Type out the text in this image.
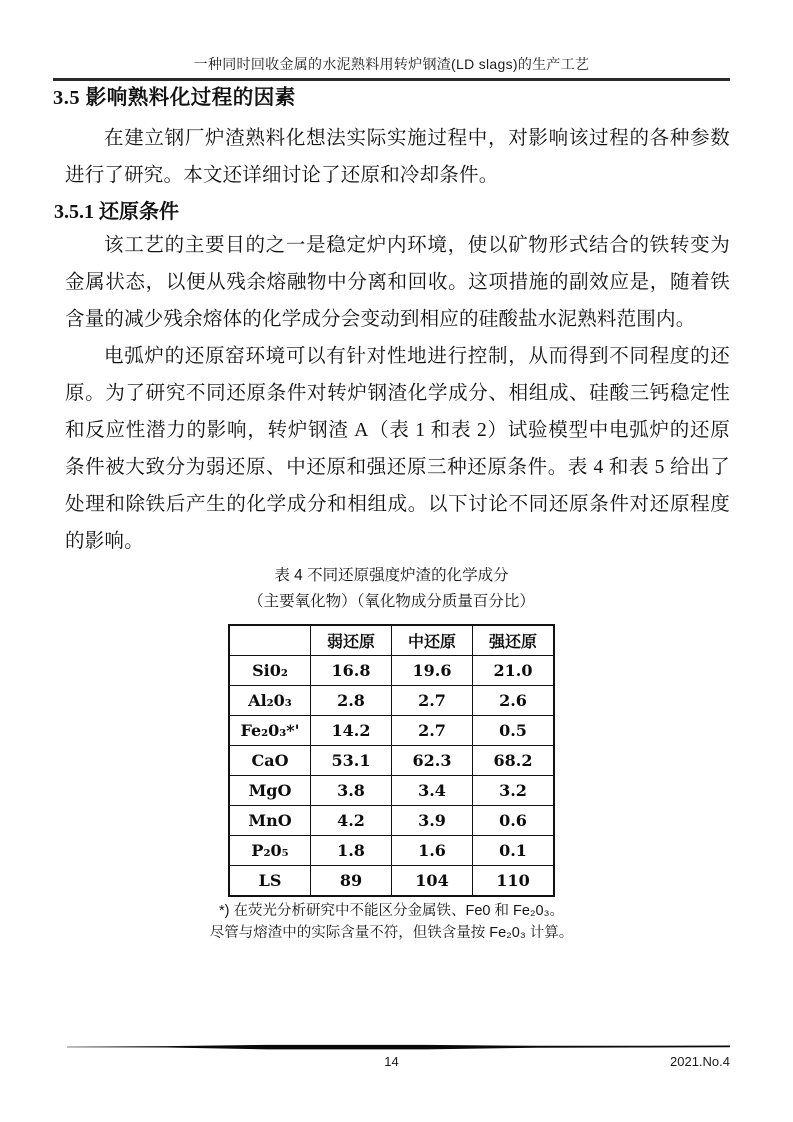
一种同时回收金属的水泥熟料用转炉钢渣(LD slags)的生产工艺
3.5 影响熟料化过程的因素

在建立钢厂炉渣熟料化想法实际实施过程中，对影响该过程的各种参数进行了研究。本文还详细讨论了还原和冷却条件。

3.5.1 还原条件

该工艺的主要目的之一是稳定炉内环境，使以矿物形式结合的铁转变为金属状态，以便从残余熔融物中分离和回收。这项措施的副效应是，随着铁含量的减少残余熔体的化学成分会变动到相应的硅酸盐水泥熟料范围内。

电弧炉的还原窑环境可以有针对性地进行控制，从而得到不同程度的还原。为了研究不同还原条件对转炉钢渣化学成分、相组成、硅酸三钙稳定性和反应性潜力的影响，转炉钢渣 A（表 1 和表 2）试验模型中电弧炉的还原条件被大致分为弱还原、中还原和强还原三种还原条件。表 4 和表 5 给出了处理和除铁后产生的化学成分和相组成。以下讨论不同还原条件对还原程度的影响。

表 4 不同还原强度炉渣的化学成分
（主要氧化物）（氧化物成分质量百分比）
	弱还原	中还原	强还原
Si0₂	16.8	19.6	21.0
Al₂0₃	2.8	2.7	2.6
Fe₂0₃*'	14.2	2.7	0.5
CaO	53.1	62.3	68.2
MgO	3.8	3.4	3.2
MnO	4.2	3.9	0.6
P₂0₅	1.8	1.6	0.1
LS	89	104	110
*) 在荧光分析研究中不能区分金属铁、Fe0 和 Fe₂0₃。
尽管与熔渣中的实际含量不符，但铁含量按 Fe₂0₃ 计算。
14	2021.No.4
